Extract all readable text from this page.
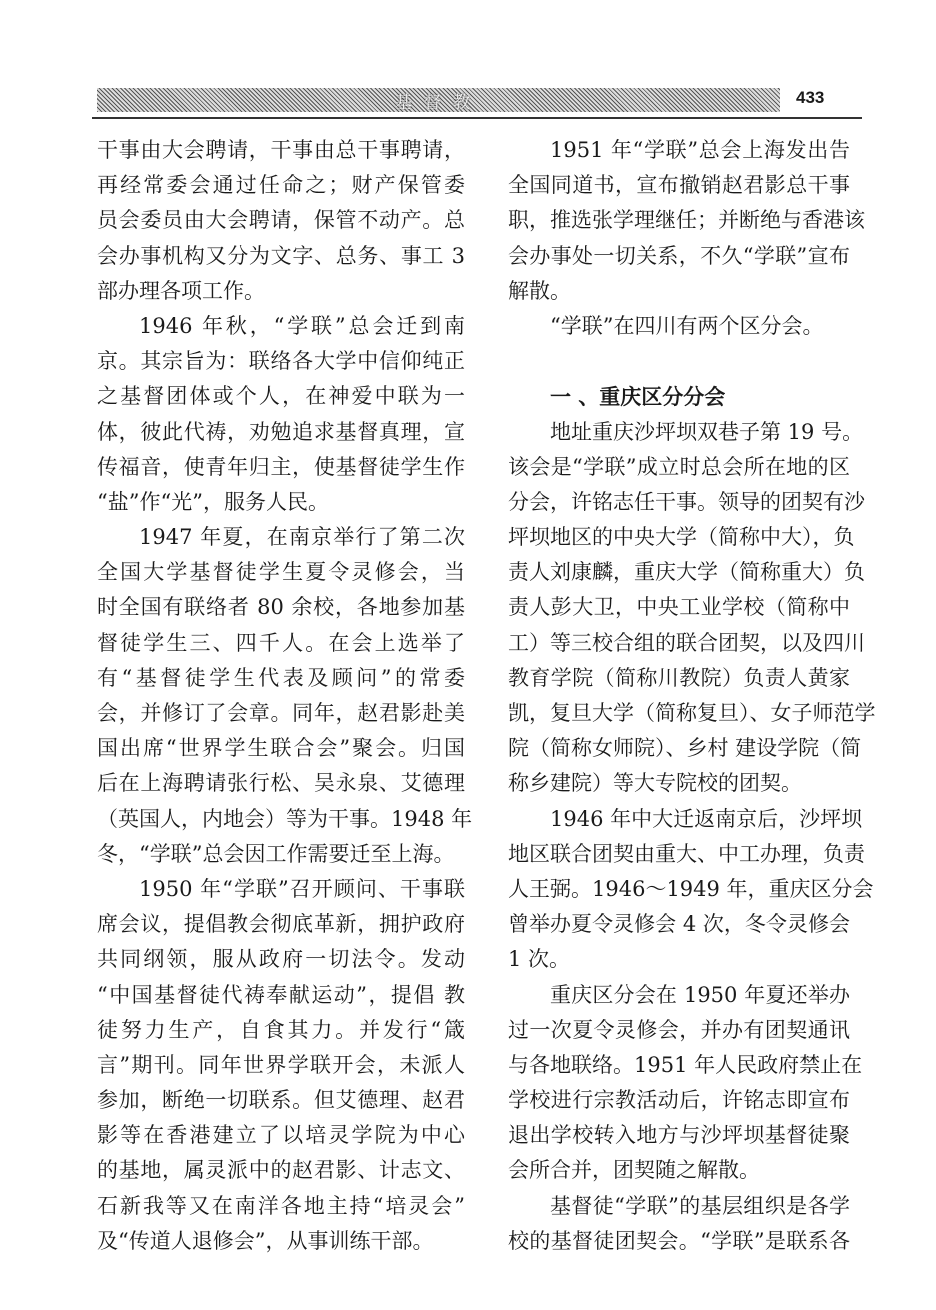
基督教	433
干事由大会聘请，干事由总干事聘请，
再经常委会通过任命之；财产保管委
员会委员由大会聘请，保管不动产。总
会办事机构又分为文字、总务、事工 3
部办理各项工作。
1946 年秋，“学联”总会迁到南
京。其宗旨为：联络各大学中信仰纯正
之基督团体或个人，在神爱中联为一
体，彼此代祷，劝勉追求基督真理，宣
传福音，使青年归主，使基督徒学生作
“盐”作“光”，服务人民。
1947 年夏，在南京举行了第二次
全国大学基督徒学生夏令灵修会，当
时全国有联络者 80 余校，各地参加基
督徒学生三、四千人。在会上选举了
有“基督徒学生代表及顾问”的常委
会，并修订了会章。同年，赵君影赴美
国出席“世界学生联合会”聚会。归国
后在上海聘请张行松、吴永泉、艾德理
（英国人，内地会）等为干事。1948 年
冬，“学联”总会因工作需要迁至上海。
1950 年“学联”召开顾问、干事联
席会议，提倡教会彻底革新，拥护政府
共同纲领，服从政府一切法令。发动
“中国基督徒代祷奉献运动”，提倡 教
徒努力生产，自食其力。并发行“箴
言”期刊。同年世界学联开会，未派人
参加，断绝一切联系。但艾德理、赵君
影等在香港建立了以培灵学院为中心
的基地，属灵派中的赵君影、计志文、
石新我等又在南洋各地主持“培灵会”
及“传道人退修会”，从事训练干部。
1951 年“学联”总会上海发出告
全国同道书，宣布撤销赵君影总干事
职，推选张学理继任；并断绝与香港该
会办事处一切关系，不久“学联”宣布
解散。
“学联”在四川有两个区分会。
一 、重庆区分分会
地址重庆沙坪坝双巷子第 19 号。
该会是“学联”成立时总会所在地的区
分会，许铭志任干事。领导的团契有沙
坪坝地区的中央大学（简称中大），负
责人刘康麟，重庆大学（简称重大）负
责人彭大卫，中央工业学校（简称中
工）等三校合组的联合团契，以及四川
教育学院（简称川教院）负责人黄家
凯，复旦大学（简称复旦）、女子师范学
院（简称女师院）、乡村 建设学院（简
称乡建院）等大专院校的团契。
1946 年中大迁返南京后，沙坪坝
地区联合团契由重大、中工办理，负责
人王弼。1946～1949 年，重庆区分会
曾举办夏令灵修会 4 次，冬令灵修会
1 次。
重庆区分会在 1950 年夏还举办
过一次夏令灵修会，并办有团契通讯
与各地联络。1951 年人民政府禁止在
学校进行宗教活动后，许铭志即宣布
退出学校转入地方与沙坪坝基督徒聚
会所合并，团契随之解散。
基督徒“学联”的基层组织是各学
校的基督徒团契会。“学联”是联系各
